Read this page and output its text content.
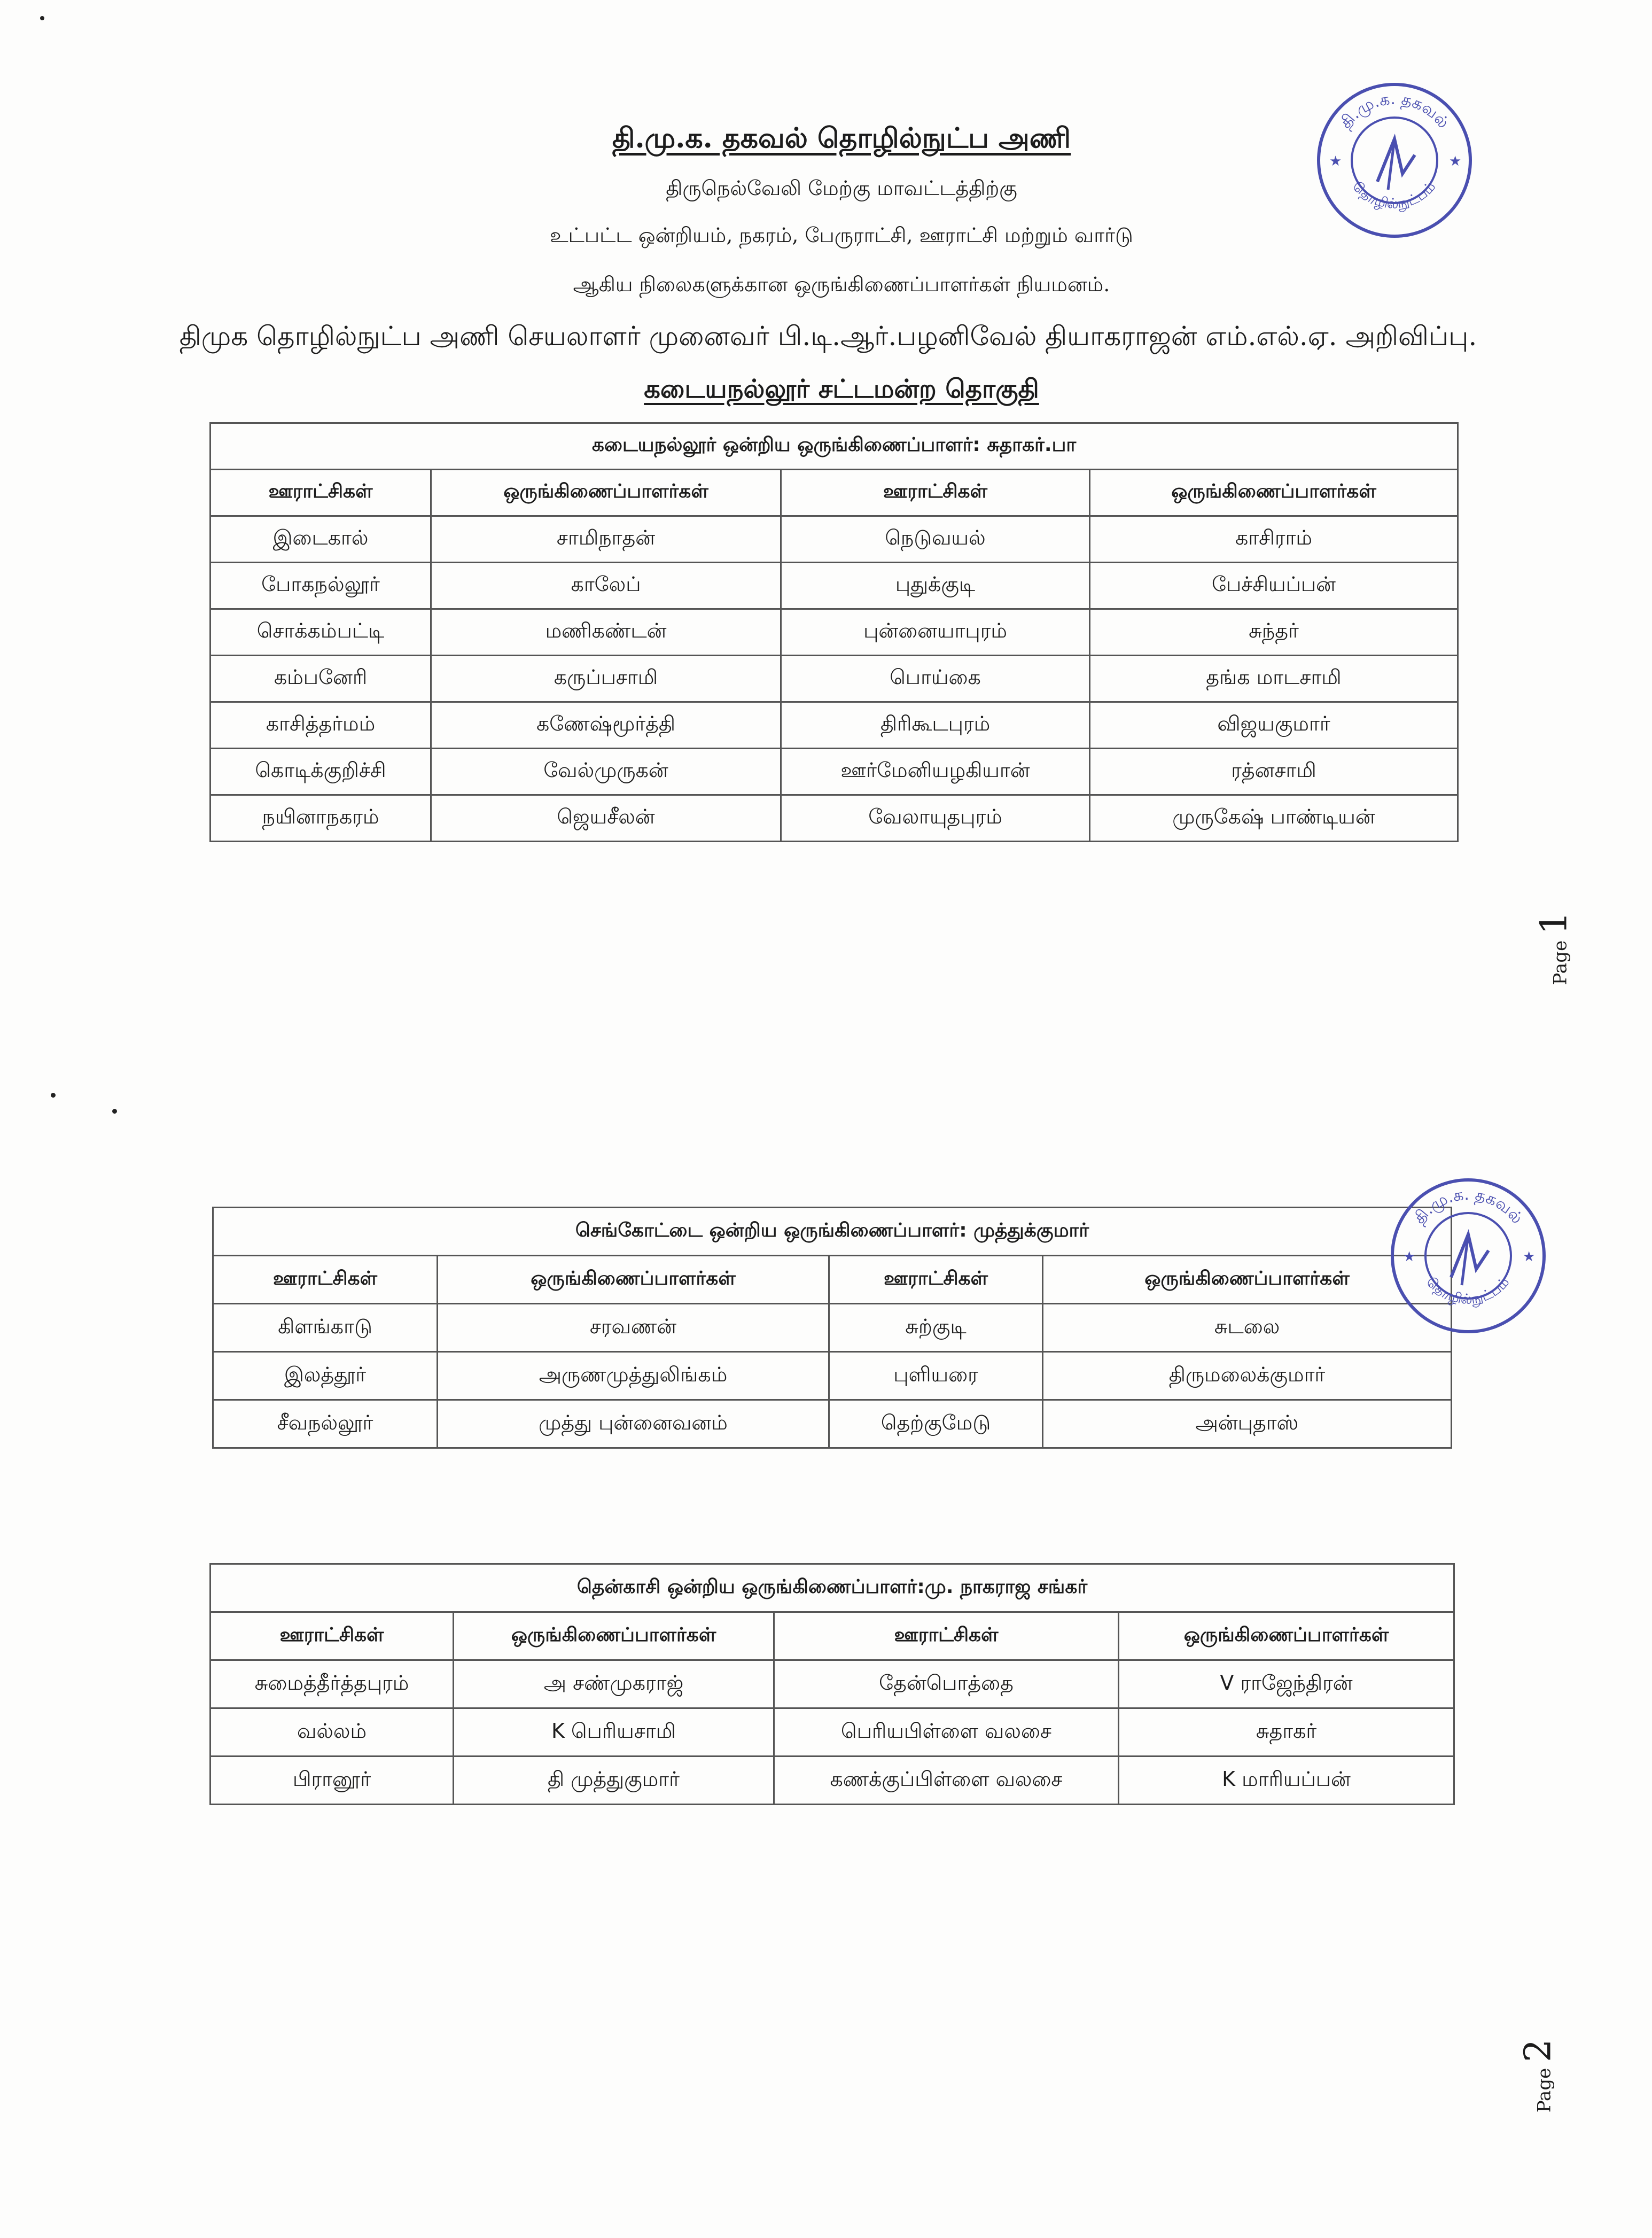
தி.மு.க. தகவல் தொழில்நுட்ப அணி
திருநெல்வேலி மேற்கு மாவட்டத்திற்கு
உட்பட்ட ஒன்றியம், நகரம், பேருராட்சி, ஊராட்சி மற்றும் வார்டு
ஆகிய நிலைகளுக்கான ஒருங்கிணைப்பாளர்கள் நியமனம்.
திமுக தொழில்நுட்ப அணி செயலாளர் முனைவர் பி.டி.ஆர்.பழனிவேல் தியாகராஜன் எம்.எல்.ஏ. அறிவிப்பு.
கடையநல்லூர் சட்டமன்ற தொகுதி
தி.மு.க. தகவல்
தொழில்நுட்பம்
★	★
கடையநல்லூர் ஒன்றிய ஒருங்கிணைப்பாளர்: சுதாகர்.பா			
ஊராட்சிகள்	ஒருங்கிணைப்பாளர்கள்	ஊராட்சிகள்	ஒருங்கிணைப்பாளர்கள்
இடைகால்	சாமிநாதன்	நெடுவயல்	காசிராம்
போகநல்லூர்	காலேப்	புதுக்குடி	பேச்சியப்பன்
சொக்கம்பட்டி	மணிகண்டன்	புன்னையாபுரம்	சுந்தர்
கம்பனேரி	கருப்பசாமி	பொய்கை	தங்க மாடசாமி
காசித்தர்மம்	கணேஷ்மூர்த்தி	திரிகூடபுரம்	விஜயகுமார்
கொடிக்குறிச்சி	வேல்முருகன்	ஊர்மேனியழகியான்	ரத்னசாமி
நயினாநகரம்	ஜெயசீலன்	வேலாயுதபுரம்	முருகேஷ் பாண்டியன்
Page 1
செங்கோட்டை ஒன்றிய ஒருங்கிணைப்பாளர்: முத்துக்குமார்			
ஊராட்சிகள்	ஒருங்கிணைப்பாளர்கள்	ஊராட்சிகள்	ஒருங்கிணைப்பாளர்கள்
கிளங்காடு	சரவணன்	சுற்குடி	சுடலை
இலத்தூர்	அருணமுத்துலிங்கம்	புளியரை	திருமலைக்குமார்
சீவநல்லூர்	முத்து புன்னைவனம்	தெற்குமேடு	அன்புதாஸ்
தி.மு.க. தகவல்
தொழில்நுட்பம்
★	★
தென்காசி ஒன்றிய ஒருங்கிணைப்பாளர்:மு. நாகராஜ சங்கர்			
ஊராட்சிகள்	ஒருங்கிணைப்பாளர்கள்	ஊராட்சிகள்	ஒருங்கிணைப்பாளர்கள்
சுமைத்தீர்த்தபுரம்	அ சண்முகராஜ்	தேன்பொத்தை	V ராஜேந்திரன்
வல்லம்	K பெரியசாமி	பெரியபிள்ளை வலசை	சுதாகர்
பிரானூர்	தி முத்துகுமார்	கணக்குப்பிள்ளை வலசை	K மாரியப்பன்
Page 2
